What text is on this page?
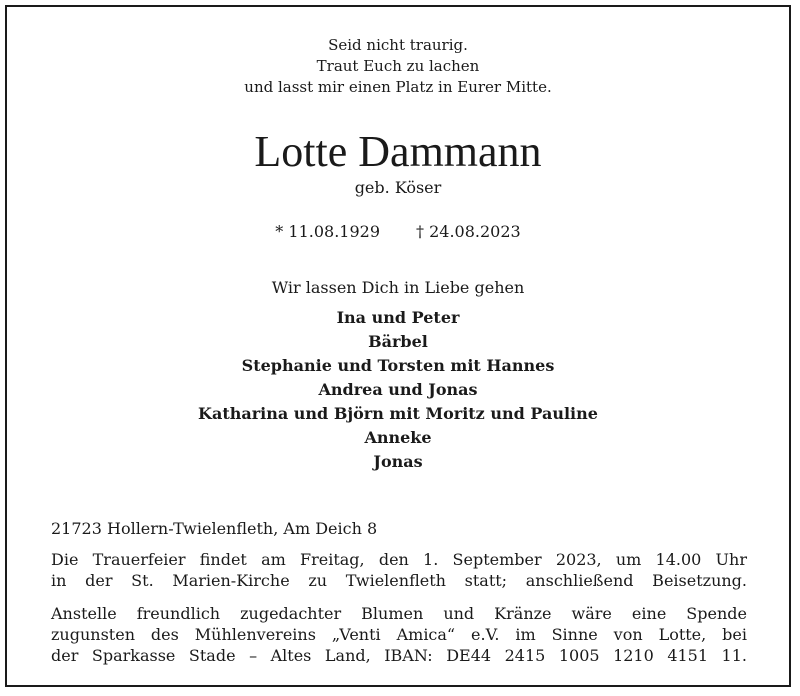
Seid nicht traurig.
Traut Euch zu lachen
und lasst mir einen Platz in Eurer Mitte.
Lotte Dammann
geb. Köser
* 11.08.1929 † 24.08.2023
Wir lassen Dich in Liebe gehen
Ina und Peter
Bärbel
Stephanie und Torsten mit Hannes
Andrea und Jonas
Katharina und Björn mit Moritz und Pauline
Anneke
Jonas
21723 Hollern-Twielenfleth, Am Deich 8
Die Trauerfeier findet am Freitag, den 1. September 2023, um 14.00 Uhr
in der St. Marien-Kirche zu Twielenfleth statt; anschließend Beisetzung.
Anstelle freundlich zugedachter Blumen und Kränze wäre eine Spende
zugunsten des Mühlenvereins „Venti Amica“ e.V. im Sinne von Lotte, bei
der Sparkasse Stade – Altes Land, IBAN: DE44 2415 1005 1210 4151 11.
